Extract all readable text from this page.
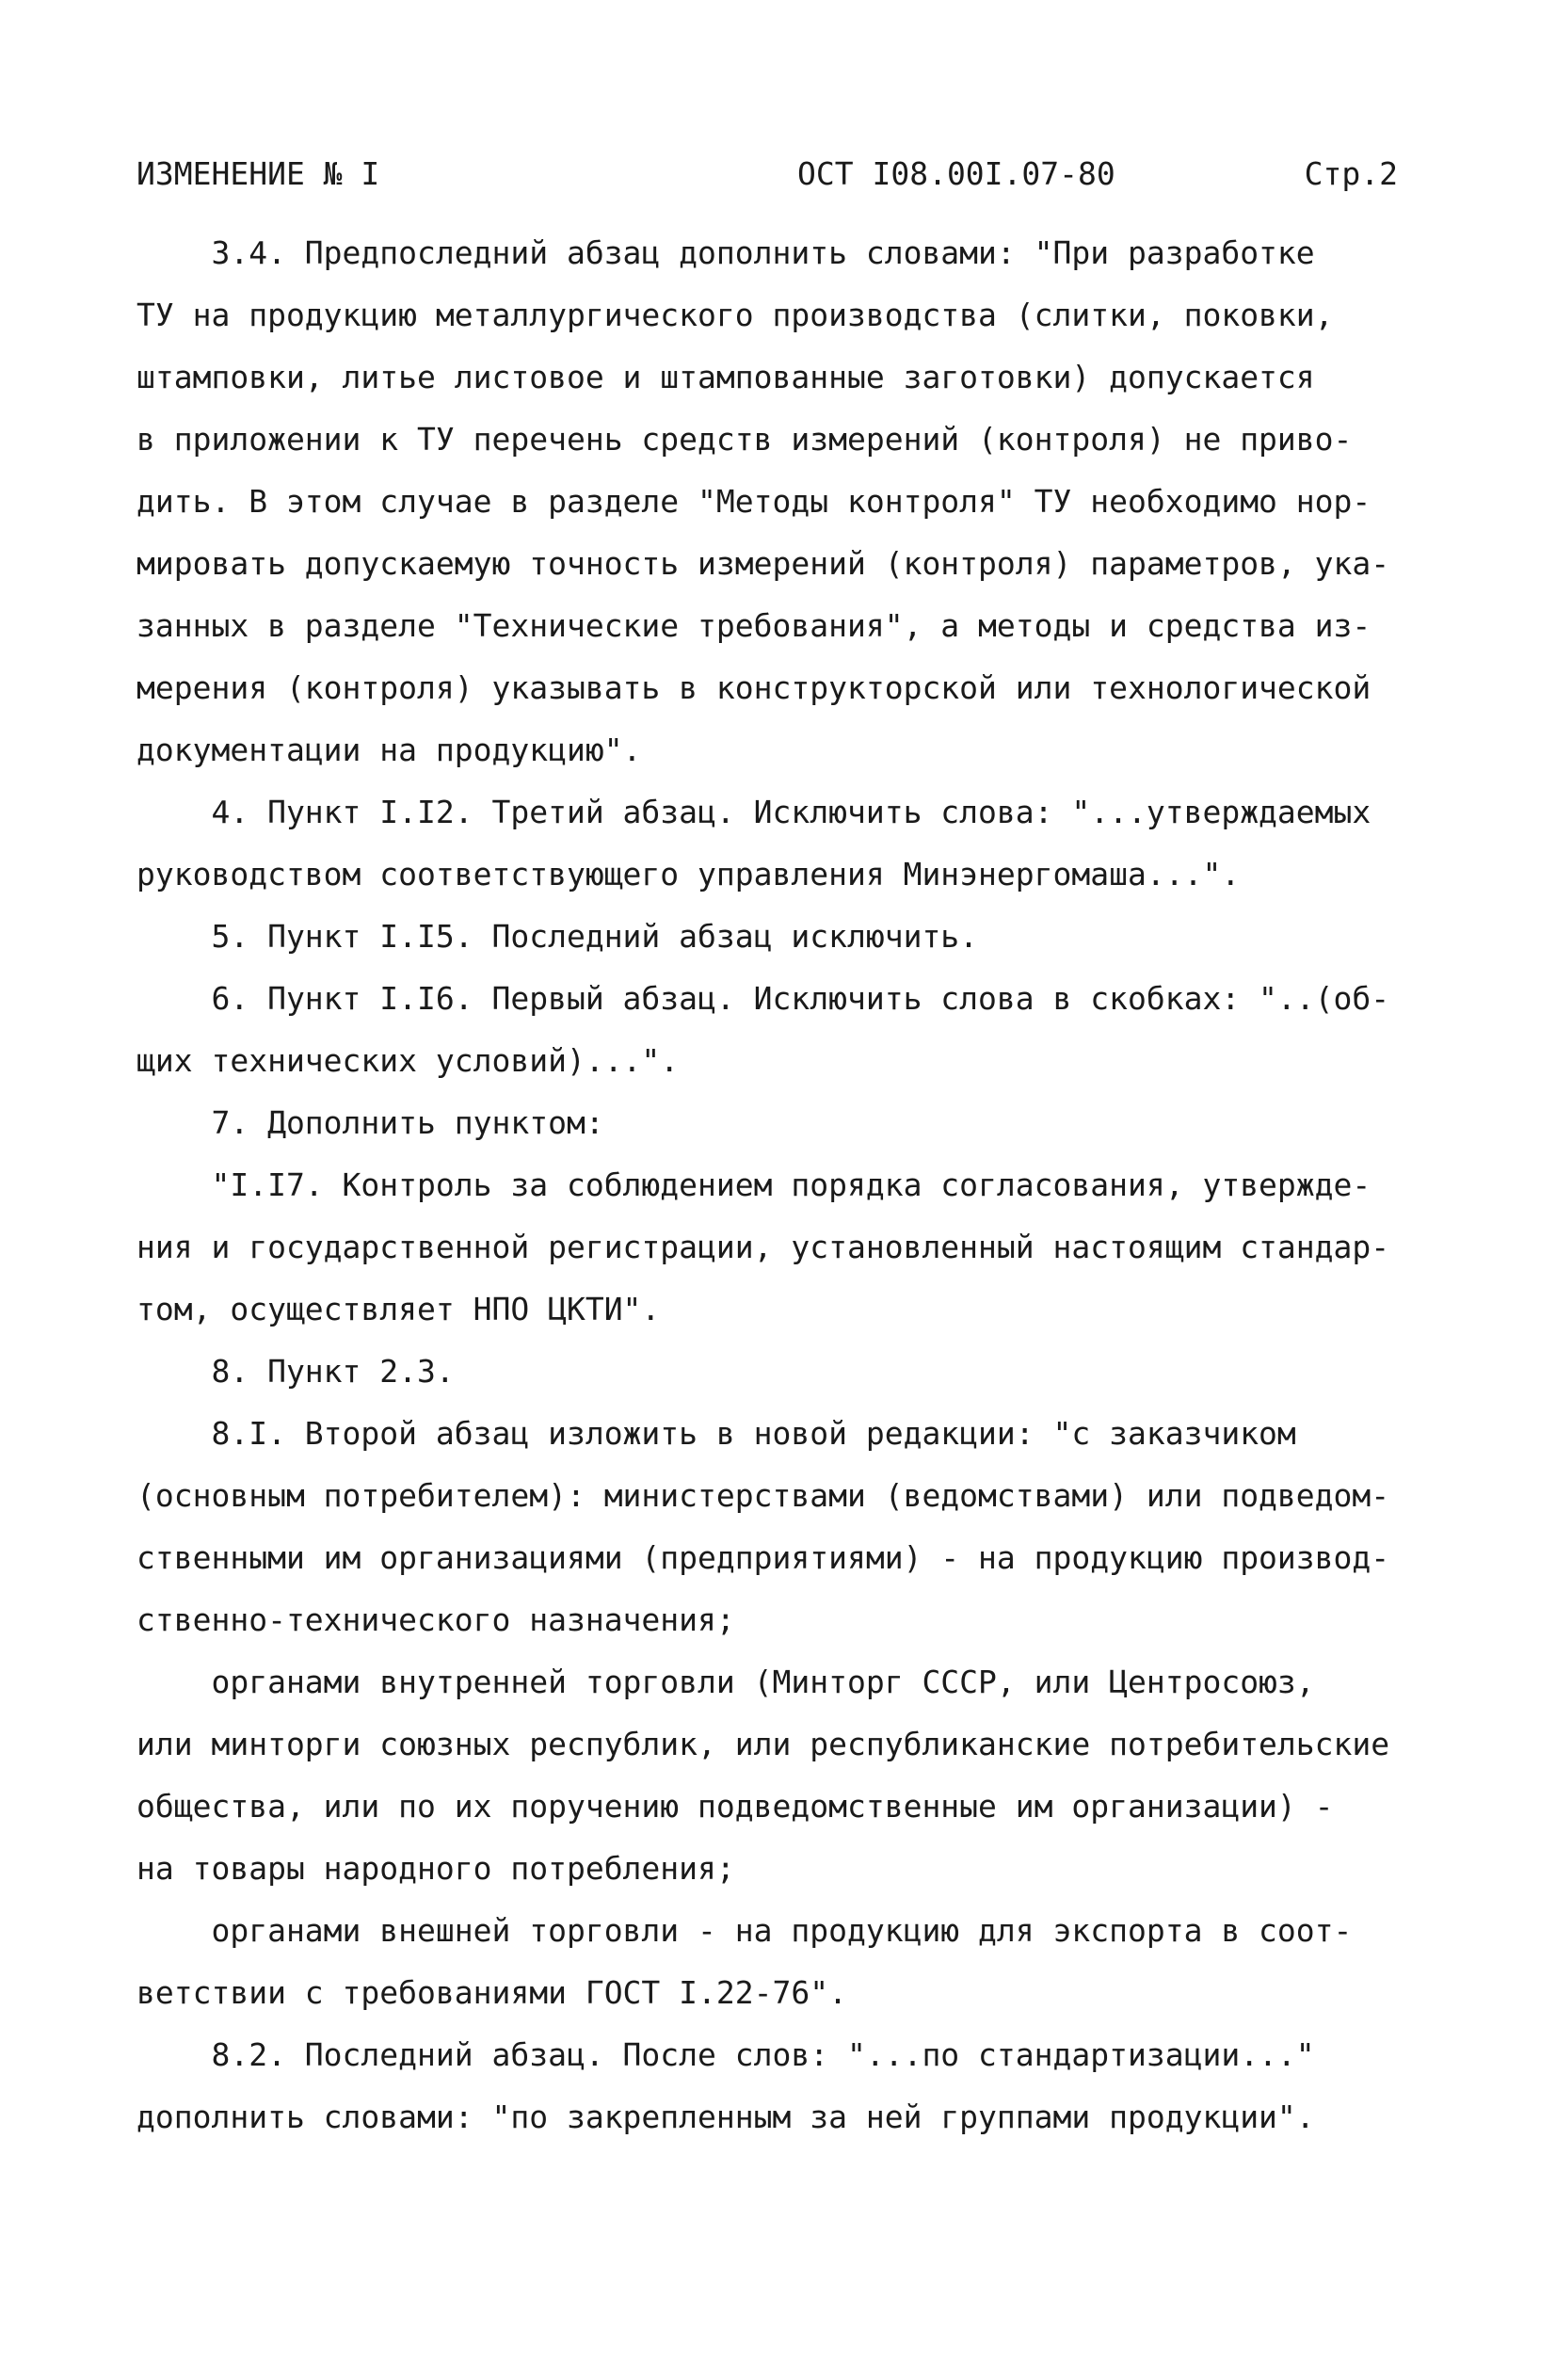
ИЗМЕНЕНИЕ № I	ОСТ I08.00I.07-80	Стр.2
3.4. Предпоследний абзац дополнить словами: "При разработке
ТУ на продукцию металлургического производства (слитки, поковки,
штамповки, литье листовое и штампованные заготовки) допускается
в приложении к ТУ перечень средств измерений (контроля) не приво-
дить. В этом случае в разделе "Методы контроля" ТУ необходимо нор-
мировать допускаемую точность измерений (контроля) параметров, ука-
занных в разделе "Технические требования", а методы и средства из-
мерения (контроля) указывать в конструкторской или технологической
документации на продукцию".
4. Пункт I.I2. Третий абзац. Исключить слова: "...утверждаемых
руководством соответствующего управления Минэнергомаша...".
5. Пункт I.I5. Последний абзац исключить.
6. Пункт I.I6. Первый абзац. Исключить слова в скобках: "..(об-
щих технических условий)...".
7. Дополнить пунктом:
"I.I7. Контроль за соблюдением порядка согласования, утвержде-
ния и государственной регистрации, установленный настоящим стандар-
том, осуществляет НПО ЦКТИ".
8. Пункт 2.3.
8.I. Второй абзац изложить в новой редакции: "с заказчиком
(основным потребителем): министерствами (ведомствами) или подведом-
ственными им организациями (предприятиями) - на продукцию производ-
ственно-технического назначения;
органами внутренней торговли (Минторг СССР, или Центросоюз,
или минторги союзных республик, или республиканские потребительские
общества, или по их поручению подведомственные им организации) -
на товары народного потребления;
органами внешней торговли - на продукцию для экспорта в соот-
ветствии с требованиями ГОСТ I.22-76".
8.2. Последний абзац. После слов: "...по стандартизации..."
дополнить словами: "по закрепленным за ней группами продукции".
